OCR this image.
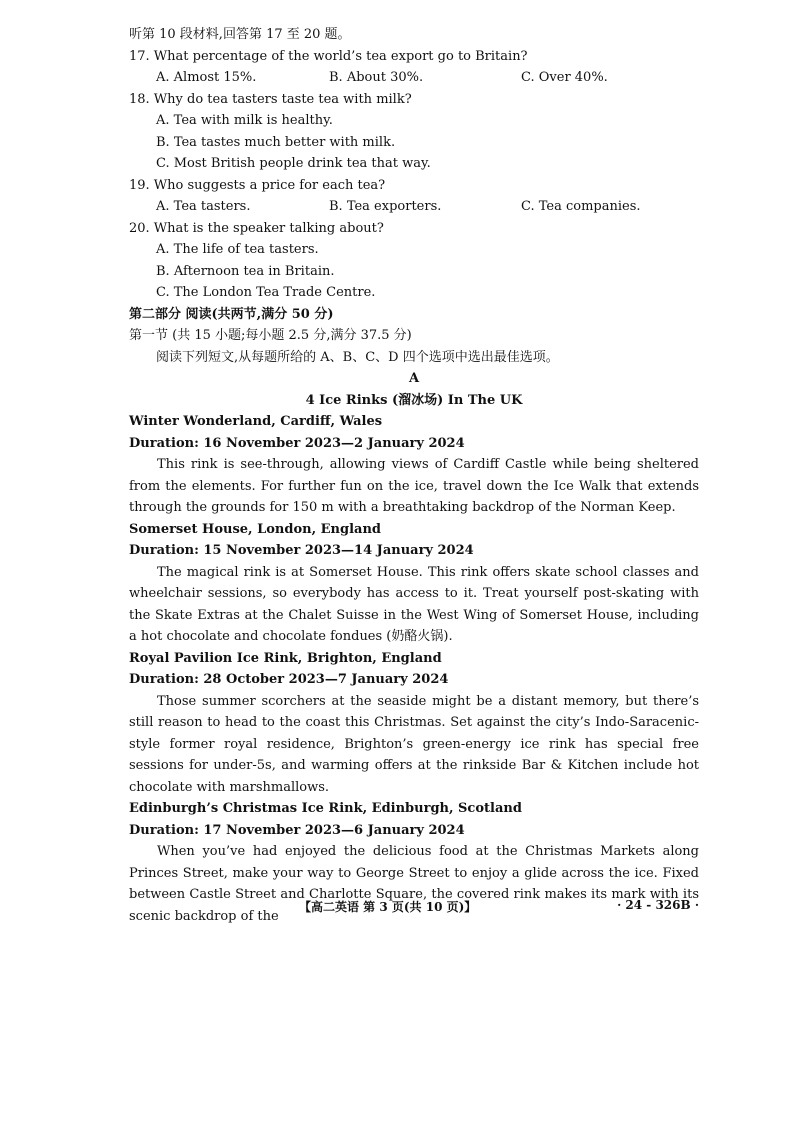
听第 10 段材料,回答第 17 至 20 题。
17. What percentage of the world’s tea export go to Britain?
A. Almost 15%.	B. About 30%.	C. Over 40%.
18. Why do tea tasters taste tea with milk?
A. Tea with milk is healthy.
B. Tea tastes much better with milk.
C. Most British people drink tea that way.
19. Who suggests a price for each tea?
A. Tea tasters.	B. Tea exporters.	C. Tea companies.
20. What is the speaker talking about?
A. The life of tea tasters.
B. Afternoon tea in Britain.
C. The London Tea Trade Centre.
第二部分 阅读(共两节,满分 50 分)
第一节 (共 15 小题;每小题 2.5 分,满分 37.5 分)
阅读下列短文,从每题所给的 A、B、C、D 四个选项中选出最佳选项。
A
4 Ice Rinks (溜冰场) In The UK
Winter Wonderland, Cardiff, Wales
Duration: 16 November 2023—2 January 2024

This rink is see-through, allowing views of Cardiff Castle while being sheltered from the elements. For further fun on the ice, travel down the Ice Walk that extends through the grounds for 150 m with a breathtaking backdrop of the Norman Keep.

Somerset House, London, England
Duration: 15 November 2023—14 January 2024

The magical rink is at Somerset House. This rink offers skate school classes and wheelchair sessions, so everybody has access to it. Treat yourself post-skating with the Skate Extras at the Chalet Suisse in the West Wing of Somerset House, including a hot chocolate and chocolate fondues (奶酪火锅).

Royal Pavilion Ice Rink, Brighton, England
Duration: 28 October 2023—7 January 2024

Those summer scorchers at the seaside might be a distant memory, but there’s still reason to head to the coast this Christmas. Set against the city’s Indo-Saracenic-style former royal residence, Brighton’s green-energy ice rink has special free sessions for under-5s, and warming offers at the rinkside Bar & Kitchen include hot chocolate with marshmallows.

Edinburgh’s Christmas Ice Rink, Edinburgh, Scotland
Duration: 17 November 2023—6 January 2024

When you’ve had enjoyed the delicious food at the Christmas Markets along Princes Street, make your way to George Street to enjoy a glide across the ice. Fixed between Castle Street and Charlotte Square, the covered rink makes its mark with its scenic backdrop of the

【高二英语 第 3 页(共 10 页)】	· 24 - 326B ·
